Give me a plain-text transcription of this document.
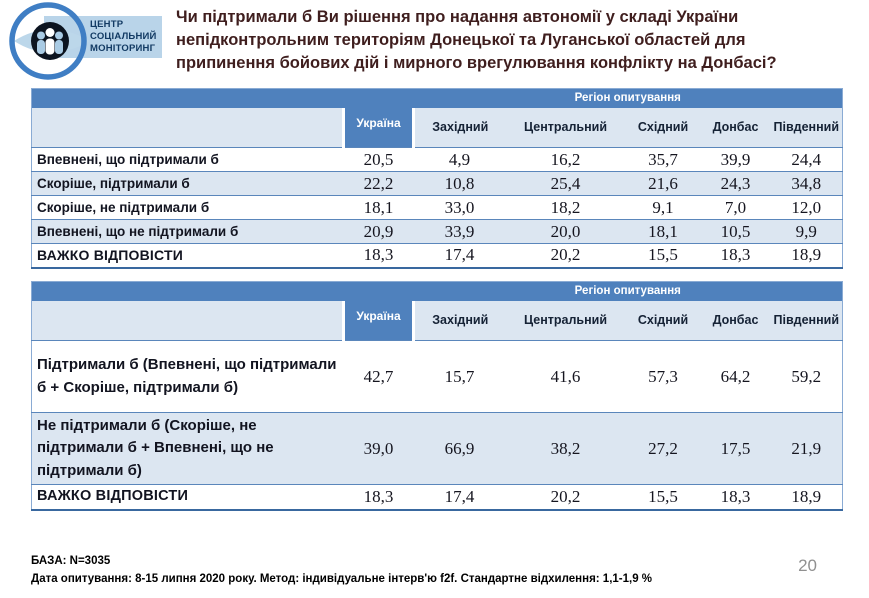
ЦЕНТР
СОЦІАЛЬНИЙ
МОНІТОРИНГ
Чи підтримали б Ви рішення про надання автономії у складі України
непідконтрольним територіям Донецької та Луганської областей для
припинення бойових дій і мирного врегулювання конфлікту на Донбасі?
		Регіон опитування				
	Україна	Західний	Центральний	Східний	Донбас	Південний
Впевнені, що підтримали б	20,5	4,9	16,2	35,7	39,9	24,4
Скоріше, підтримали б	22,2	10,8	25,4	21,6	24,3	34,8
Скоріше, не підтримали б	18,1	33,0	18,2	9,1	7,0	12,0
Впевнені, що не підтримали б	20,9	33,9	20,0	18,1	10,5	9,9
ВАЖКО ВІДПОВІСТИ	18,3	17,4	20,2	15,5	18,3	18,9
		Регіон опитування				
	Україна	Західний	Центральний	Східний	Донбас	Південний
Підтримали б (Впевнені, що підтримали б + Скоріше, підтримали б)	42,7	15,7	41,6	57,3	64,2	59,2
Не підтримали б (Скоріше, не підтримали б + Впевнені, що не підтримали б)	39,0	66,9	38,2	27,2	17,5	21,9
ВАЖКО ВІДПОВІСТИ	18,3	17,4	20,2	15,5	18,3	18,9
БАЗА: N=3035
Дата опитування: 8-15 липня 2020 року. Метод: індивідуальне інтерв'ю f2f. Стандартне відхилення: 1,1-1,9 %
20
